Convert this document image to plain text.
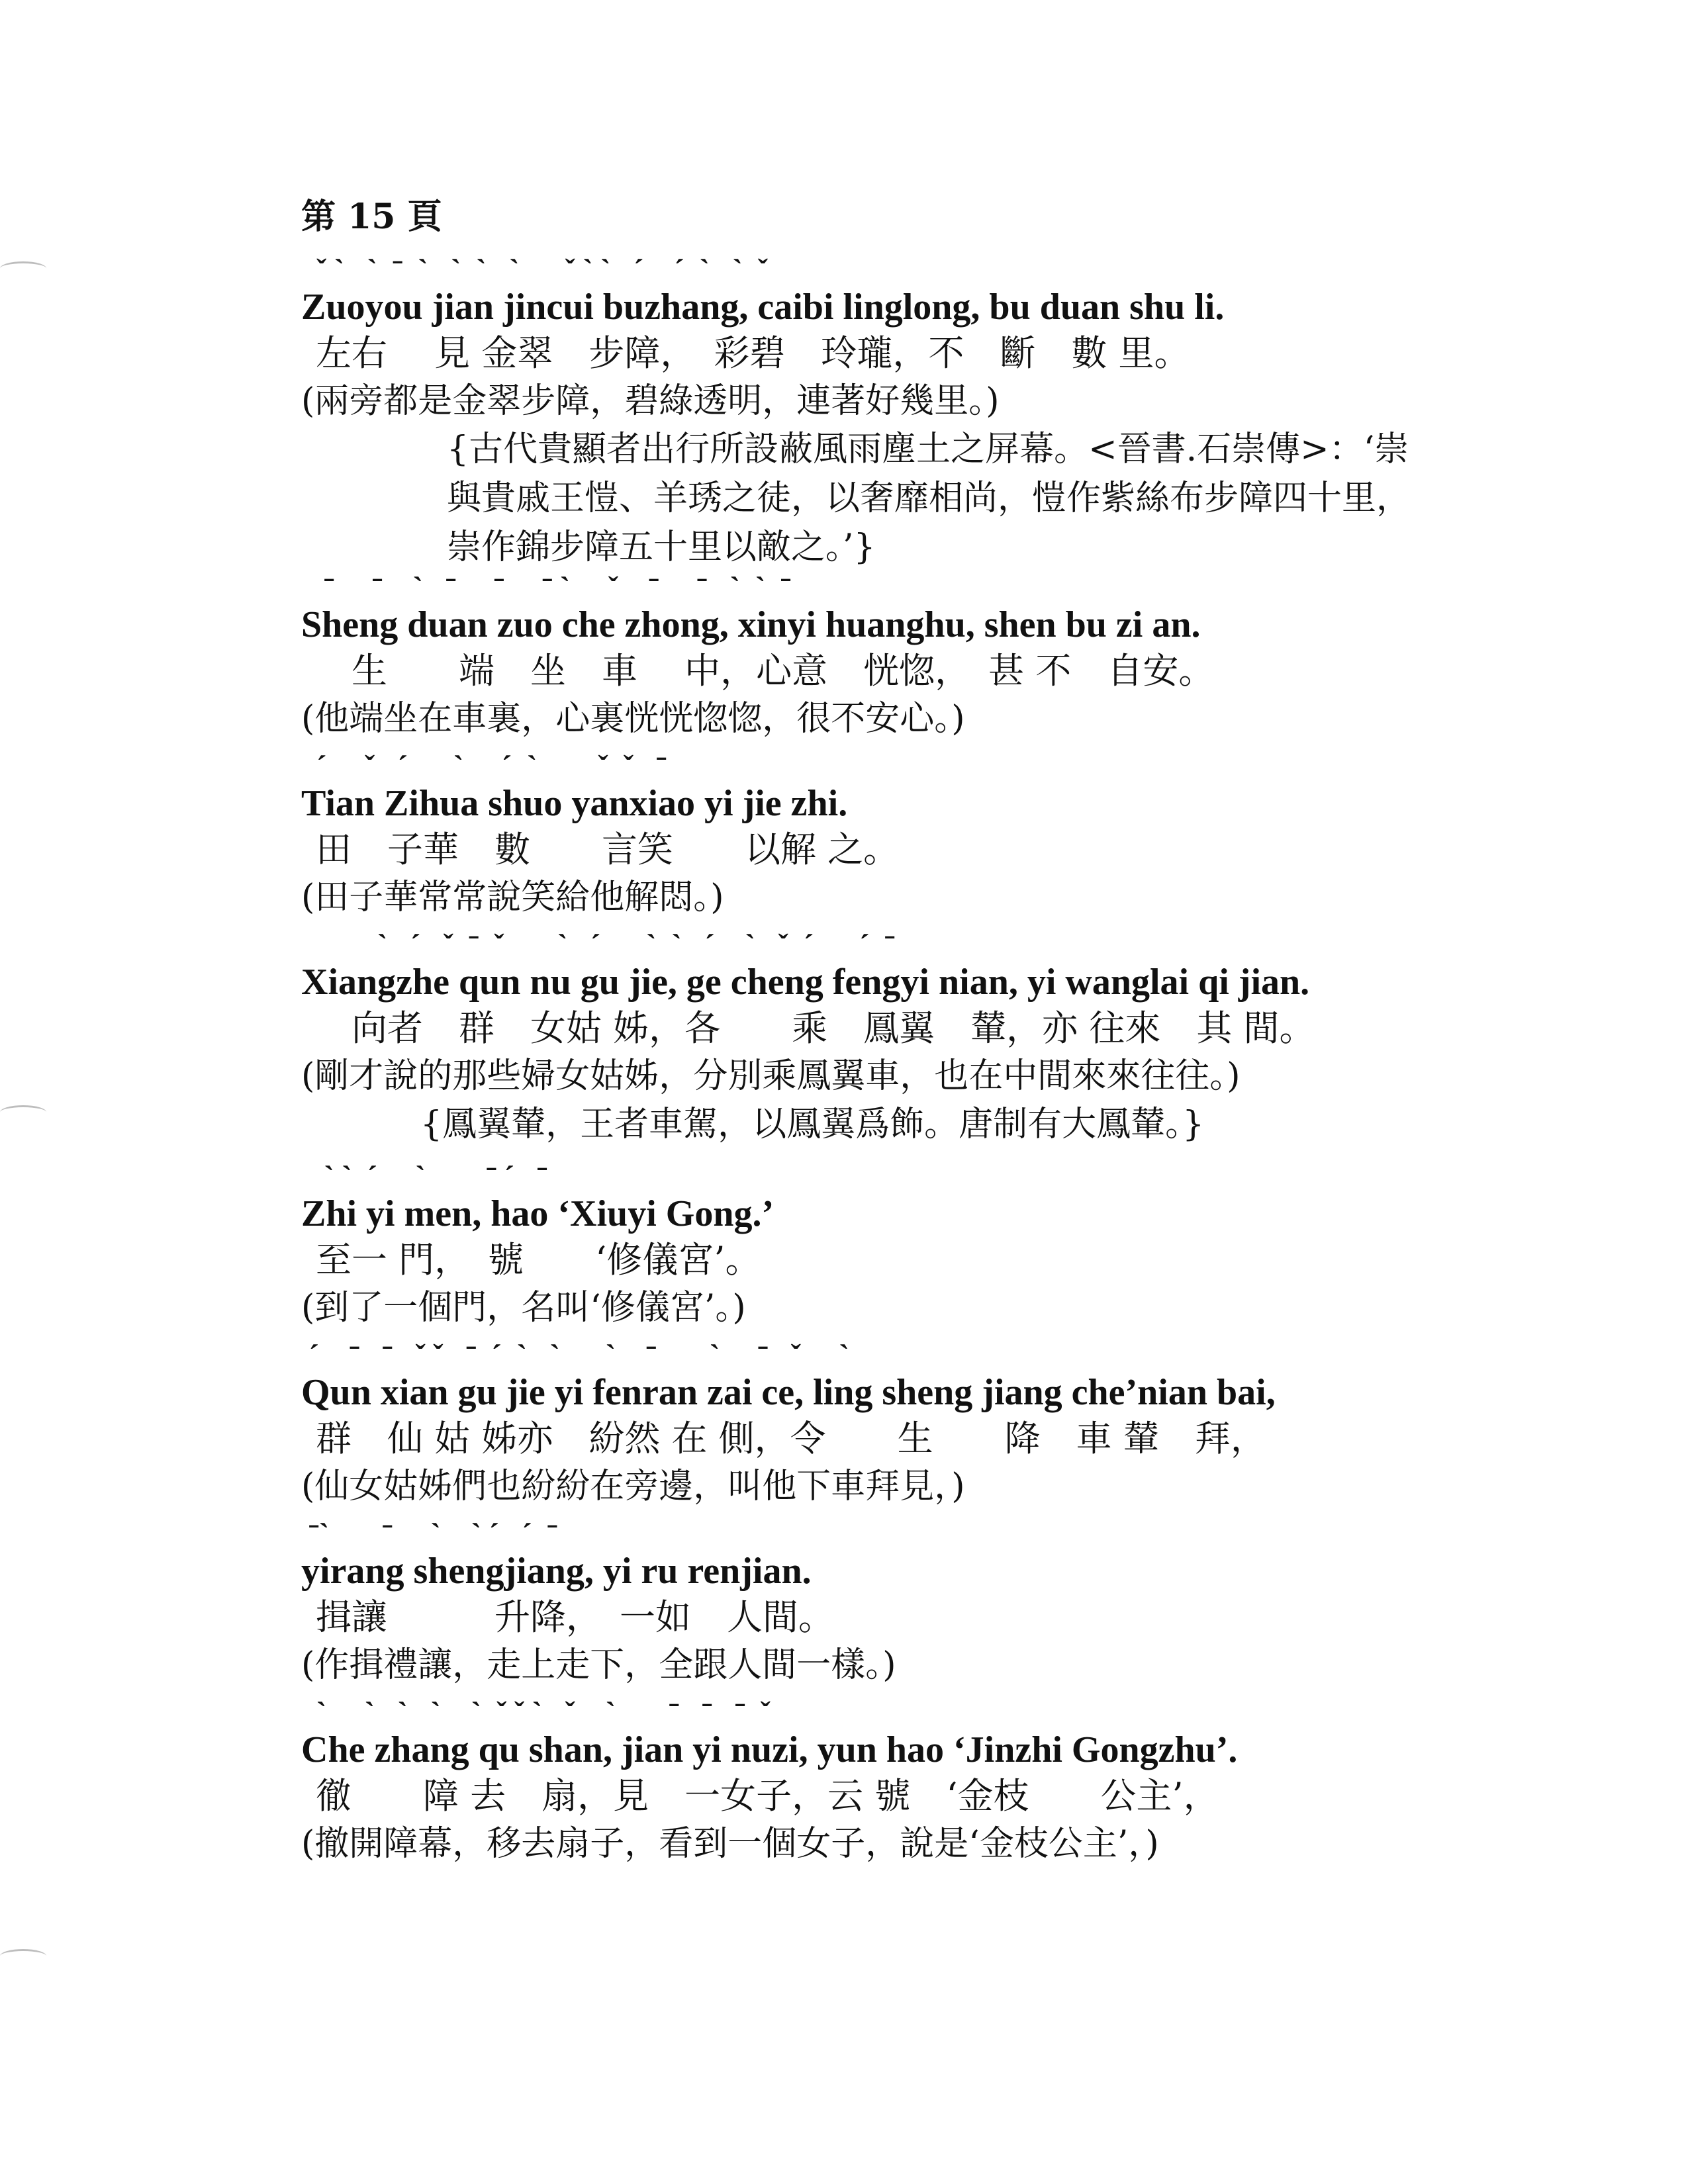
第 15 頁
ˇ ˋ   ˋ  ˉ  ˋ   ˋ  ˋ   ˋ      ˇ ˋ ˋ   ˊ    ˊ  ˋ   ˋ  ˇ
Zuoyou jian jincui buzhang, caibi linglong, bu duan shu li.
左右　 見 金翠　步障，　彩碧　玲瓏，不　斷　數 里。
(兩旁都是金翠步障，碧綠透明，連著好幾里。)
{古代貴顯者出行所設蔽風雨塵土之屏幕。<晉書.石崇傳>：‘崇與貴戚王愷、羊琇之徒，以奢靡相尚，愷作紫絲布步障四十里，崇作錦步障五十里以敵之。’}
ˉ     ˉ    ˋ   ˉ     ˉ     ˉ ˋ     ˇ    ˉ     ˉ   ˋ  ˋ  ˉ
Sheng duan zuo che zhong, xinyi huanghu, shen bu zi an.
　生　　端　坐　車　 中，心意　恍惚，　甚 不　自安。
(他端坐在車裏，心裏恍恍惚惚，很不安心。)
ˊ     ˇ   ˊ      ˋ     ˊ  ˋ        ˇ  ˇ   ˉ
Tian Zihua shuo yanxiao yi jie zhi.
田　子華　數　　言笑　　以解 之。
(田子華常常說笑給他解悶。)
ˋ   ˊ   ˇ  ˉ  ˇ       ˋ   ˊ      ˋ  ˋ   ˊ    ˋ   ˇ  ˊ      ˊ  ˉ
Xiangzhe qun nu gu jie, ge cheng fengyi nian, yi wanglai qi jian.
　向者　群　女姑 姊，各　　乘　鳳翼　輦，亦 往來　其 間。
(剛才說的那些婦女姑姊，分別乘鳳翼車，也在中間來來往往。)
{鳳翼輦，王者車駕，以鳳翼爲飾。唐制有大鳳輦。}
ˋ ˋ  ˊ     ˋ        ˉ ˊ   ˉ
Zhi yi men, hao ‘Xiuyi Gong.’
至一 門，　號　　‘修儀宮’。
(到了一個門，名叫‘修儀宮’。)
ˊ    ˉ   ˉ   ˇ ˇ   ˉ  ˊ  ˋ   ˋ      ˋ    ˉ       ˋ     ˉ   ˇ     ˋ
Qun xian gu jie yi fenran zai ce, ling sheng jiang che’nian bai,
群　仙 姑 姊亦　紛然 在 側，令　　生　　降　車 輦　拜，
(仙女姑姊們也紛紛在旁邊，叫他下車拜見，)
ˉˋ       ˉ     ˋ    ˋ ˊ   ˊ  ˉ
yirang shengjiang, yi ru renjian.
揖讓　　　升降，　一如　人間。
(作揖禮讓，走上走下，全跟人間一樣。)
ˋ     ˋ   ˋ   ˋ    ˋ  ˇ ˇ ˋ   ˇ    ˋ       ˉ   ˉ   ˉ  ˇ
Che zhang qu shan, jian yi nuzi, yun hao ‘Jinzhi Gongzhu’.
徹　　障 去　扇，見　一女子，云 號　‘金枝　　公主’，
(撤開障幕，移去扇子，看到一個女子，說是‘金枝公主’，)
